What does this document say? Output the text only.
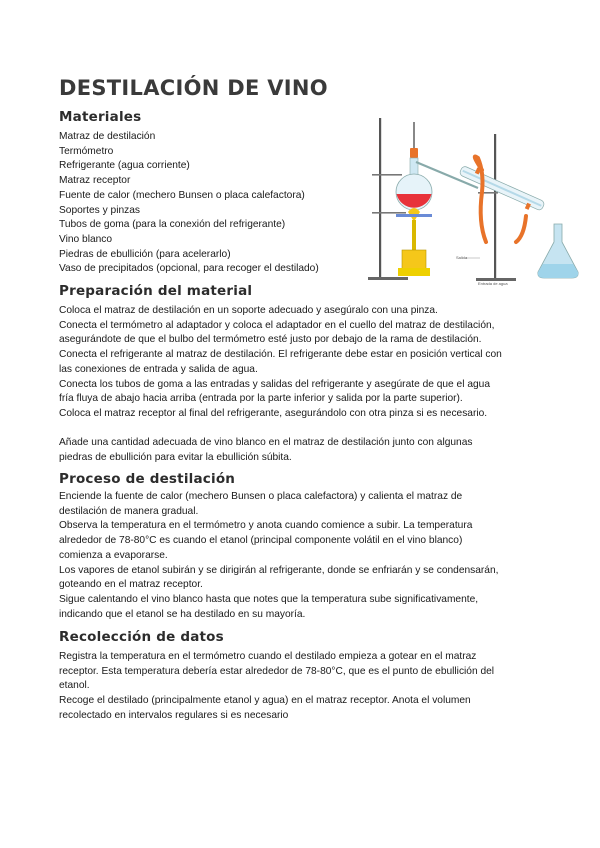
DESTILACIÓN DE VINO
Materiales
Matraz de destilación
Termómetro
Refrigerante (agua corriente)
Matraz receptor
Fuente de calor (mechero Bunsen o placa calefactora)
Soportes y pinzas
Tubos de goma (para la conexión del refrigerante)
Vino blanco
Piedras de ebullición (para acelerarlo)
Vaso de precipitados (opcional, para recoger el destilado)
Salida
Entrada de agua
Preparación del material
Coloca el matraz de destilación en un soporte adecuado y asegúralo con una pinza.
Conecta el termómetro al adaptador y coloca el adaptador en el cuello del matraz de destilación,
asegurándote de que el bulbo del termómetro esté justo por debajo de la rama de destilación.
Conecta el refrigerante al matraz de destilación. El refrigerante debe estar en posición vertical con
las conexiones de entrada y salida de agua.
Conecta los tubos de goma a las entradas y salidas del refrigerante y asegúrate de que el agua
fría fluya de abajo hacia arriba (entrada por la parte inferior y salida por la parte superior).
Coloca el matraz receptor al final del refrigerante, asegurándolo con otra pinza si es necesario.
Añade una cantidad adecuada de vino blanco en el matraz de destilación junto con algunas
piedras de ebullición para evitar la ebullición súbita.
Proceso de destilación
Enciende la fuente de calor (mechero Bunsen o placa calefactora) y calienta el matraz de
destilación de manera gradual.
Observa la temperatura en el termómetro y anota cuando comience a subir. La temperatura
alrededor de 78-80°C es cuando el etanol (principal componente volátil en el vino blanco)
comienza a evaporarse.
Los vapores de etanol subirán y se dirigirán al refrigerante, donde se enfriarán y se condensarán,
goteando en el matraz receptor.
Sigue calentando el vino blanco hasta que notes que la temperatura sube significativamente,
indicando que el etanol se ha destilado en su mayoría.
Recolección de datos
Registra la temperatura en el termómetro cuando el destilado empieza a gotear en el matraz
receptor. Esta temperatura debería estar alrededor de 78-80°C, que es el punto de ebullición del
etanol.
Recoge el destilado (principalmente etanol y agua) en el matraz receptor. Anota el volumen
recolectado en intervalos regulares si es necesario
